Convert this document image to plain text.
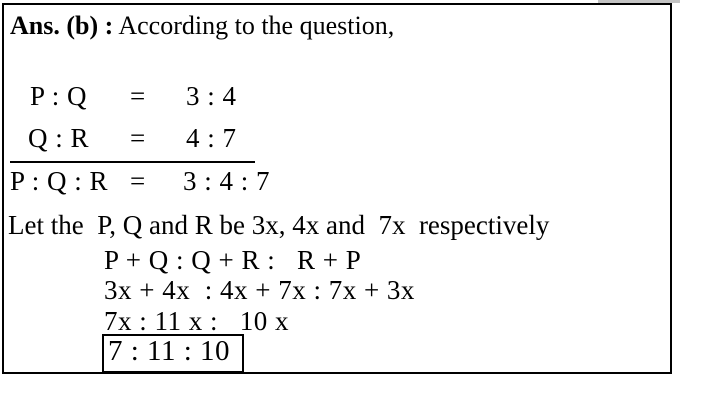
Ans. (b) : According to the question,
P : Q = 3 : 4
Q : R = 4 : 7
P : Q : R = 3 : 4 : 7
Let the  P, Q and R be 3x, 4x and  7x  respectively
P + Q : Q + R :   R + P
3x + 4x  : 4x + 7x : 7x + 3x
7x : 11 x :   10 x
7 : 11 : 10
